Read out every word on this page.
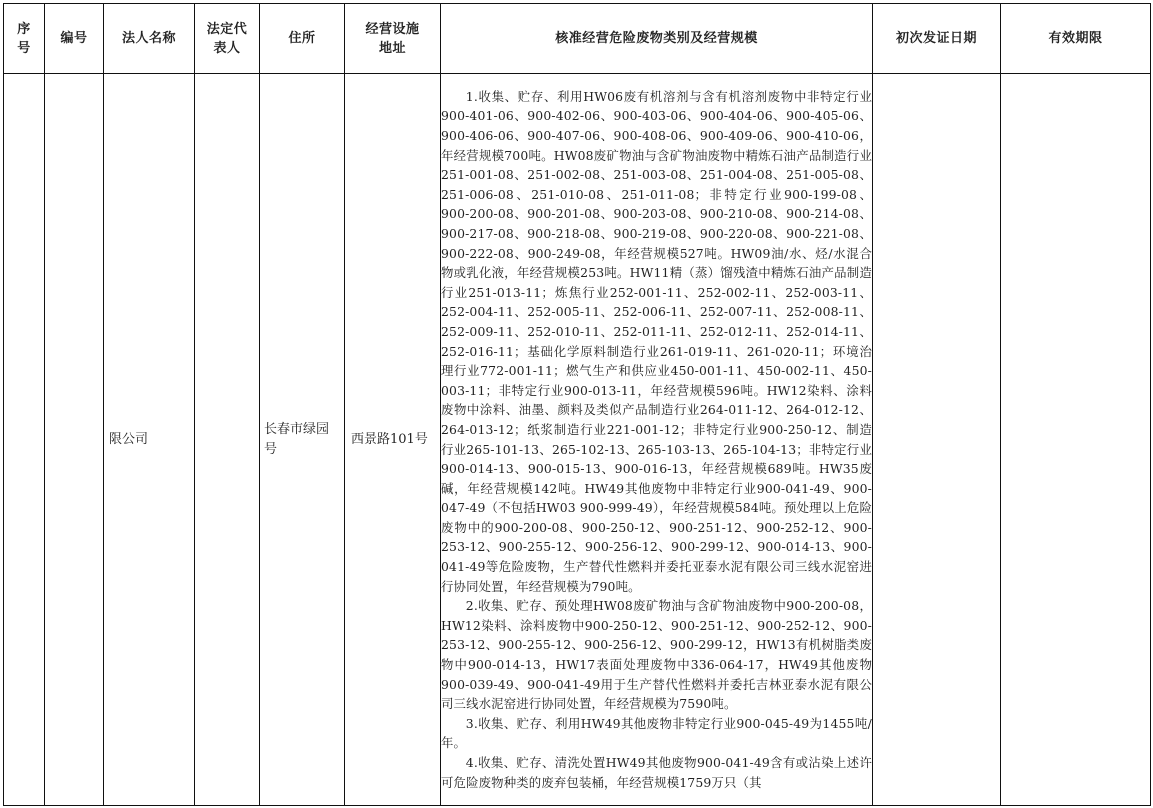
序号	编号	法人名称	法定代表人	住所	经营设施地址	核准经营危险废物类别及经营规模	初次发证日期	有效期限
		限公司		长春市绿园号	西景路101号	1.收集、贮存、利用HW06废有机溶剂与含有机溶剂废物中非特定行业900-401-06、900-402-06、900-403-06、900-404-06、900-405-06、900-406-06、900-407-06、900-408-06、900-409-06、900-410-06，年经营规模700吨。HW08废矿物油与含矿物油废物中精炼石油产品制造行业251-001-08、251-002-08、251-003-08、251-004-08、251-005-08、251-006-08、251-010-08、251-011-08；非特定行业900-199-08、900-200-08、900-201-08、900-203-08、900-210-08、900-214-08、900-217-08、900-218-08、900-219-08、900-220-08、900-221-08、900-222-08、900-249-08，年经营规模527吨。HW09油/水、烃/水混合物或乳化液，年经营规模253吨。HW11精（蒸）馏残渣中精炼石油产品制造行业251-013-11；炼焦行业252-001-11、252-002-11、252-003-11、252-004-11、252-005-11、252-006-11、252-007-11、252-008-11、252-009-11、252-010-11、252-011-11、252-012-11、252-014-11、252-016-11；基础化学原料制造行业261-019-11、261-020-11；环境治理行业772-001-11；燃气生产和供应业450-001-11、450-002-11、450-003-11；非特定行业900-013-11，年经营规模596吨。HW12染料、涂料废物中涂料、油墨、颜料及类似产品制造行业264-011-12、264-012-12、264-013-12；纸浆制造行业221-001-12；非特定行业900-250-12、制造行业265-101-13、265-102-13、265-103-13、265-104-13；非特定行业900-014-13、900-015-13、900-016-13，年经营规模689吨。HW35废碱，年经营规模142吨。HW49其他废物中非特定行业900-041-49、900-047-49（不包括HW03 900-999-49），年经营规模584吨。预处理以上危险废物中的900-200-08、900-250-12、900-251-12、900-252-12、900-253-12、900-255-12、900-256-12、900-299-12、900-014-13、900-041-49等危险废物，生产替代性燃料并委托亚泰水泥有限公司三线水泥窑进行协同处置，年经营规模为790吨。

2.收集、贮存、预处理HW08废矿物油与含矿物油废物中900-200-08，HW12染料、涂料废物中900-250-12、900-251-12、900-252-12、900-253-12、900-255-12、900-256-12、900-299-12，HW13有机树脂类废物中900-014-13，HW17表面处理废物中336-064-17，HW49其他废物900-039-49、900-041-49用于生产替代性燃料并委托吉林亚泰水泥有限公司三线水泥窑进行协同处置，年经营规模为7590吨。

3.收集、贮存、利用HW49其他废物非特定行业900-045-49为1455吨/年。

4.收集、贮存、清洗处置HW49其他废物900-041-49含有或沾染上述许可危险废物种类的废弃包装桶，年经营规模1759万只（其		
